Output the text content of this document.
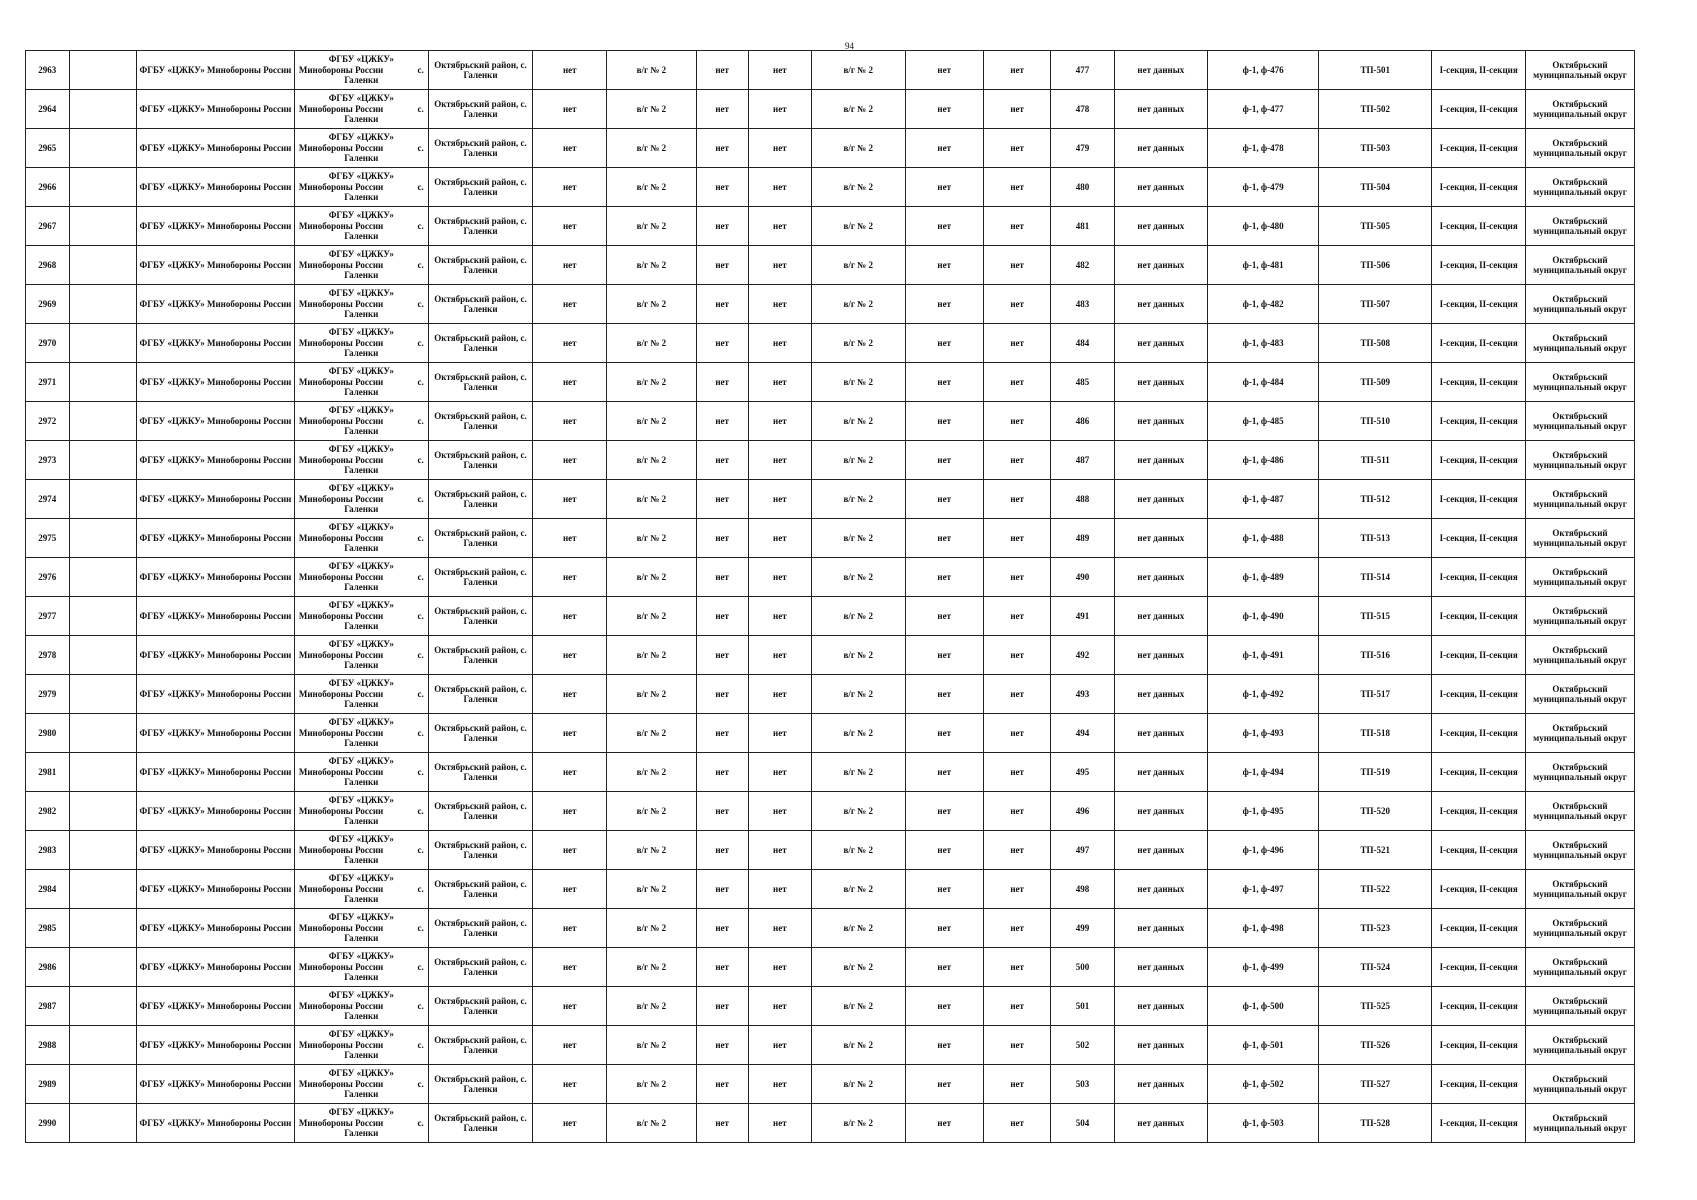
94
2963		ФГБУ «ЦЖКУ» Минобороны России	ФГБУ «ЦЖКУ»
Минобороны России с.
Галенки	Октябрьский район, с. Галенки	нет	в/г № 2	нет	нет	в/г № 2	нет	нет	477	нет данных	ф-1, ф-476	ТП-501	I-секция, II-секция	Октябрьский муниципальный округ
2964		ФГБУ «ЦЖКУ» Минобороны России	ФГБУ «ЦЖКУ»
Минобороны России с.
Галенки	Октябрьский район, с. Галенки	нет	в/г № 2	нет	нет	в/г № 2	нет	нет	478	нет данных	ф-1, ф-477	ТП-502	I-секция, II-секция	Октябрьский муниципальный округ
2965		ФГБУ «ЦЖКУ» Минобороны России	ФГБУ «ЦЖКУ»
Минобороны России с.
Галенки	Октябрьский район, с. Галенки	нет	в/г № 2	нет	нет	в/г № 2	нет	нет	479	нет данных	ф-1, ф-478	ТП-503	I-секция, II-секция	Октябрьский муниципальный округ
2966		ФГБУ «ЦЖКУ» Минобороны России	ФГБУ «ЦЖКУ»
Минобороны России с.
Галенки	Октябрьский район, с. Галенки	нет	в/г № 2	нет	нет	в/г № 2	нет	нет	480	нет данных	ф-1, ф-479	ТП-504	I-секция, II-секция	Октябрьский муниципальный округ
2967		ФГБУ «ЦЖКУ» Минобороны России	ФГБУ «ЦЖКУ»
Минобороны России с.
Галенки	Октябрьский район, с. Галенки	нет	в/г № 2	нет	нет	в/г № 2	нет	нет	481	нет данных	ф-1, ф-480	ТП-505	I-секция, II-секция	Октябрьский муниципальный округ
2968		ФГБУ «ЦЖКУ» Минобороны России	ФГБУ «ЦЖКУ»
Минобороны России с.
Галенки	Октябрьский район, с. Галенки	нет	в/г № 2	нет	нет	в/г № 2	нет	нет	482	нет данных	ф-1, ф-481	ТП-506	I-секция, II-секция	Октябрьский муниципальный округ
2969		ФГБУ «ЦЖКУ» Минобороны России	ФГБУ «ЦЖКУ»
Минобороны России с.
Галенки	Октябрьский район, с. Галенки	нет	в/г № 2	нет	нет	в/г № 2	нет	нет	483	нет данных	ф-1, ф-482	ТП-507	I-секция, II-секция	Октябрьский муниципальный округ
2970		ФГБУ «ЦЖКУ» Минобороны России	ФГБУ «ЦЖКУ»
Минобороны России с.
Галенки	Октябрьский район, с. Галенки	нет	в/г № 2	нет	нет	в/г № 2	нет	нет	484	нет данных	ф-1, ф-483	ТП-508	I-секция, II-секция	Октябрьский муниципальный округ
2971		ФГБУ «ЦЖКУ» Минобороны России	ФГБУ «ЦЖКУ»
Минобороны России с.
Галенки	Октябрьский район, с. Галенки	нет	в/г № 2	нет	нет	в/г № 2	нет	нет	485	нет данных	ф-1, ф-484	ТП-509	I-секция, II-секция	Октябрьский муниципальный округ
2972		ФГБУ «ЦЖКУ» Минобороны России	ФГБУ «ЦЖКУ»
Минобороны России с.
Галенки	Октябрьский район, с. Галенки	нет	в/г № 2	нет	нет	в/г № 2	нет	нет	486	нет данных	ф-1, ф-485	ТП-510	I-секция, II-секция	Октябрьский муниципальный округ
2973		ФГБУ «ЦЖКУ» Минобороны России	ФГБУ «ЦЖКУ»
Минобороны России с.
Галенки	Октябрьский район, с. Галенки	нет	в/г № 2	нет	нет	в/г № 2	нет	нет	487	нет данных	ф-1, ф-486	ТП-511	I-секция, II-секция	Октябрьский муниципальный округ
2974		ФГБУ «ЦЖКУ» Минобороны России	ФГБУ «ЦЖКУ»
Минобороны России с.
Галенки	Октябрьский район, с. Галенки	нет	в/г № 2	нет	нет	в/г № 2	нет	нет	488	нет данных	ф-1, ф-487	ТП-512	I-секция, II-секция	Октябрьский муниципальный округ
2975		ФГБУ «ЦЖКУ» Минобороны России	ФГБУ «ЦЖКУ»
Минобороны России с.
Галенки	Октябрьский район, с. Галенки	нет	в/г № 2	нет	нет	в/г № 2	нет	нет	489	нет данных	ф-1, ф-488	ТП-513	I-секция, II-секция	Октябрьский муниципальный округ
2976		ФГБУ «ЦЖКУ» Минобороны России	ФГБУ «ЦЖКУ»
Минобороны России с.
Галенки	Октябрьский район, с. Галенки	нет	в/г № 2	нет	нет	в/г № 2	нет	нет	490	нет данных	ф-1, ф-489	ТП-514	I-секция, II-секция	Октябрьский муниципальный округ
2977		ФГБУ «ЦЖКУ» Минобороны России	ФГБУ «ЦЖКУ»
Минобороны России с.
Галенки	Октябрьский район, с. Галенки	нет	в/г № 2	нет	нет	в/г № 2	нет	нет	491	нет данных	ф-1, ф-490	ТП-515	I-секция, II-секция	Октябрьский муниципальный округ
2978		ФГБУ «ЦЖКУ» Минобороны России	ФГБУ «ЦЖКУ»
Минобороны России с.
Галенки	Октябрьский район, с. Галенки	нет	в/г № 2	нет	нет	в/г № 2	нет	нет	492	нет данных	ф-1, ф-491	ТП-516	I-секция, II-секция	Октябрьский муниципальный округ
2979		ФГБУ «ЦЖКУ» Минобороны России	ФГБУ «ЦЖКУ»
Минобороны России с.
Галенки	Октябрьский район, с. Галенки	нет	в/г № 2	нет	нет	в/г № 2	нет	нет	493	нет данных	ф-1, ф-492	ТП-517	I-секция, II-секция	Октябрьский муниципальный округ
2980		ФГБУ «ЦЖКУ» Минобороны России	ФГБУ «ЦЖКУ»
Минобороны России с.
Галенки	Октябрьский район, с. Галенки	нет	в/г № 2	нет	нет	в/г № 2	нет	нет	494	нет данных	ф-1, ф-493	ТП-518	I-секция, II-секция	Октябрьский муниципальный округ
2981		ФГБУ «ЦЖКУ» Минобороны России	ФГБУ «ЦЖКУ»
Минобороны России с.
Галенки	Октябрьский район, с. Галенки	нет	в/г № 2	нет	нет	в/г № 2	нет	нет	495	нет данных	ф-1, ф-494	ТП-519	I-секция, II-секция	Октябрьский муниципальный округ
2982		ФГБУ «ЦЖКУ» Минобороны России	ФГБУ «ЦЖКУ»
Минобороны России с.
Галенки	Октябрьский район, с. Галенки	нет	в/г № 2	нет	нет	в/г № 2	нет	нет	496	нет данных	ф-1, ф-495	ТП-520	I-секция, II-секция	Октябрьский муниципальный округ
2983		ФГБУ «ЦЖКУ» Минобороны России	ФГБУ «ЦЖКУ»
Минобороны России с.
Галенки	Октябрьский район, с. Галенки	нет	в/г № 2	нет	нет	в/г № 2	нет	нет	497	нет данных	ф-1, ф-496	ТП-521	I-секция, II-секция	Октябрьский муниципальный округ
2984		ФГБУ «ЦЖКУ» Минобороны России	ФГБУ «ЦЖКУ»
Минобороны России с.
Галенки	Октябрьский район, с. Галенки	нет	в/г № 2	нет	нет	в/г № 2	нет	нет	498	нет данных	ф-1, ф-497	ТП-522	I-секция, II-секция	Октябрьский муниципальный округ
2985		ФГБУ «ЦЖКУ» Минобороны России	ФГБУ «ЦЖКУ»
Минобороны России с.
Галенки	Октябрьский район, с. Галенки	нет	в/г № 2	нет	нет	в/г № 2	нет	нет	499	нет данных	ф-1, ф-498	ТП-523	I-секция, II-секция	Октябрьский муниципальный округ
2986		ФГБУ «ЦЖКУ» Минобороны России	ФГБУ «ЦЖКУ»
Минобороны России с.
Галенки	Октябрьский район, с. Галенки	нет	в/г № 2	нет	нет	в/г № 2	нет	нет	500	нет данных	ф-1, ф-499	ТП-524	I-секция, II-секция	Октябрьский муниципальный округ
2987		ФГБУ «ЦЖКУ» Минобороны России	ФГБУ «ЦЖКУ»
Минобороны России с.
Галенки	Октябрьский район, с. Галенки	нет	в/г № 2	нет	нет	в/г № 2	нет	нет	501	нет данных	ф-1, ф-500	ТП-525	I-секция, II-секция	Октябрьский муниципальный округ
2988		ФГБУ «ЦЖКУ» Минобороны России	ФГБУ «ЦЖКУ»
Минобороны России с.
Галенки	Октябрьский район, с. Галенки	нет	в/г № 2	нет	нет	в/г № 2	нет	нет	502	нет данных	ф-1, ф-501	ТП-526	I-секция, II-секция	Октябрьский муниципальный округ
2989		ФГБУ «ЦЖКУ» Минобороны России	ФГБУ «ЦЖКУ»
Минобороны России с.
Галенки	Октябрьский район, с. Галенки	нет	в/г № 2	нет	нет	в/г № 2	нет	нет	503	нет данных	ф-1, ф-502	ТП-527	I-секция, II-секция	Октябрьский муниципальный округ
2990		ФГБУ «ЦЖКУ» Минобороны России	ФГБУ «ЦЖКУ»
Минобороны России с.
Галенки	Октябрьский район, с. Галенки	нет	в/г № 2	нет	нет	в/г № 2	нет	нет	504	нет данных	ф-1, ф-503	ТП-528	I-секция, II-секция	Октябрьский муниципальный округ
